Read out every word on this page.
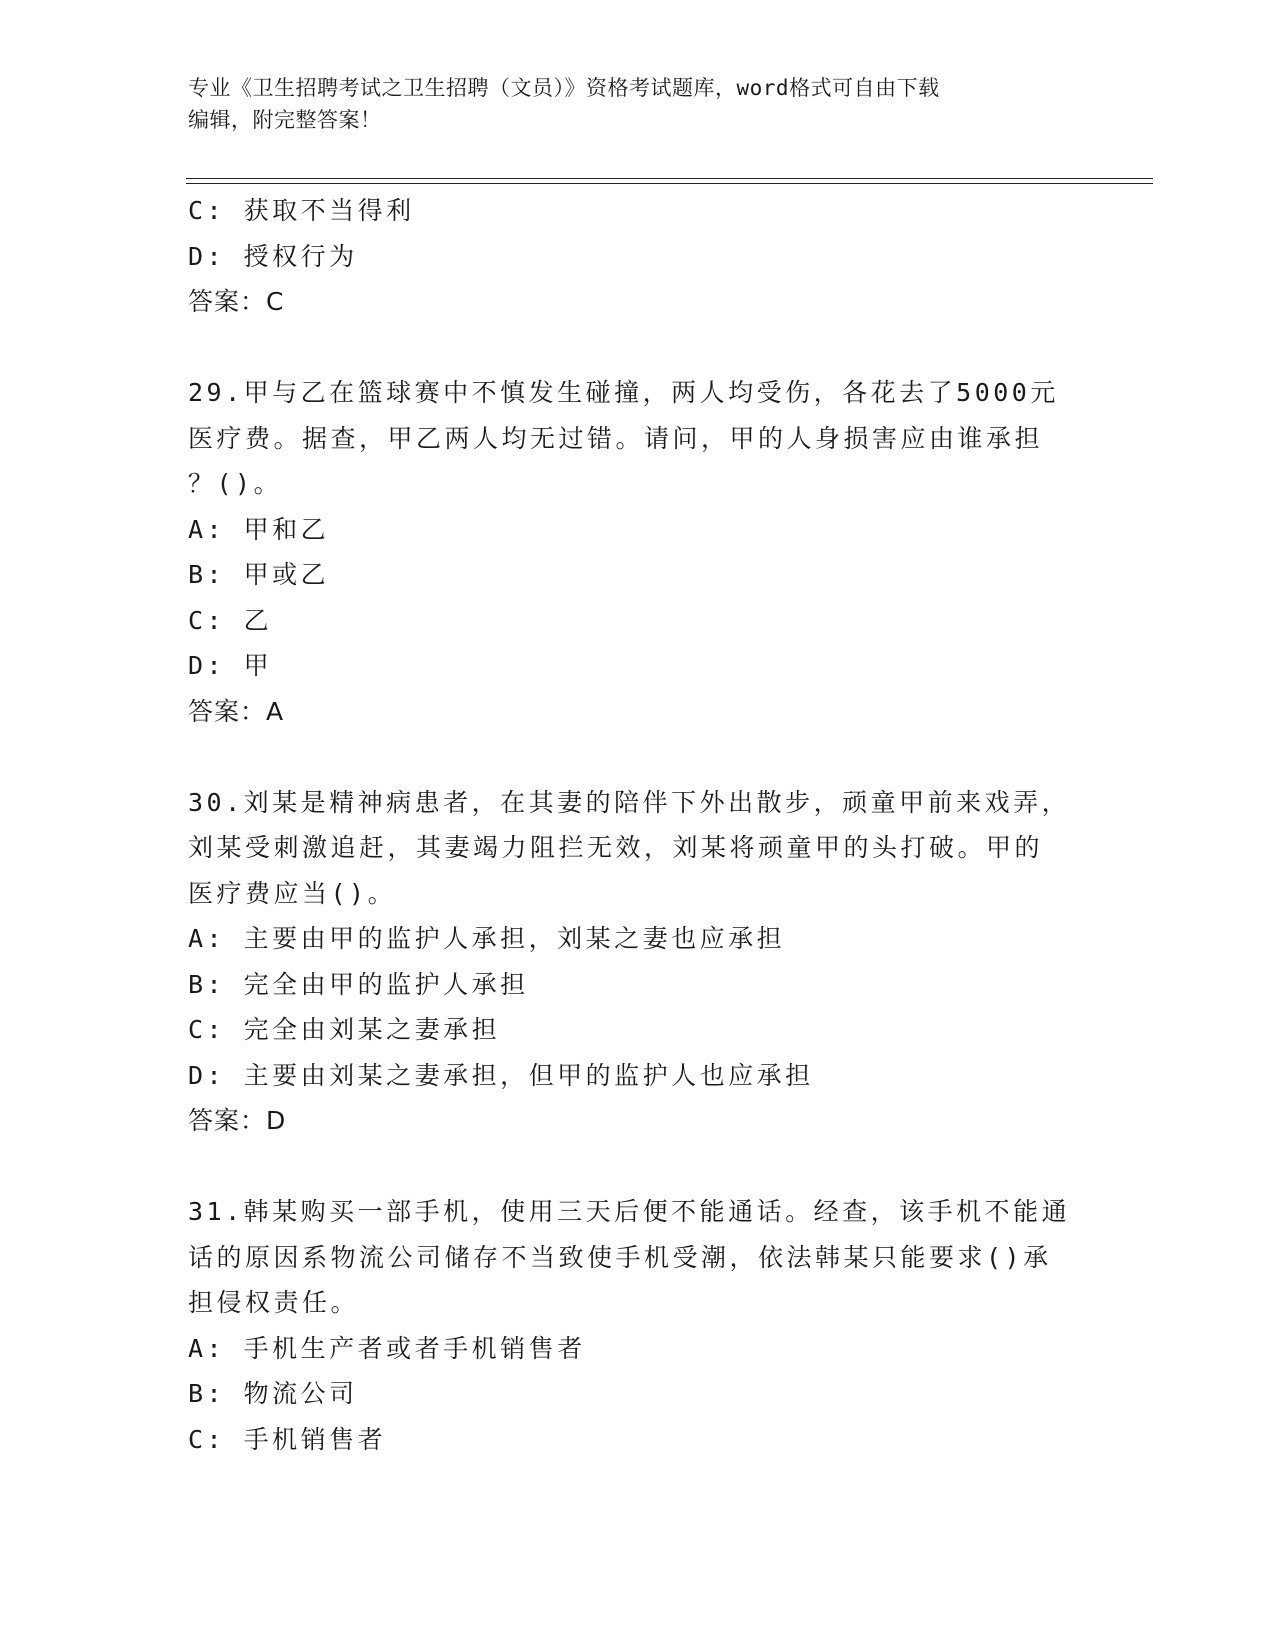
专业《卫生招聘考试之卫生招聘（文员）》资格考试题库，word格式可自由下载
编辑，附完整答案！
C: 获取不当得利
D: 授权行为
答案：C
29.甲与乙在篮球赛中不慎发生碰撞，两人均受伤，各花去了5000元
医疗费。据查，甲乙两人均无过错。请问，甲的人身损害应由谁承担
？()。
A: 甲和乙
B: 甲或乙
C: 乙
D: 甲
答案：A
30.刘某是精神病患者，在其妻的陪伴下外出散步，顽童甲前来戏弄，
刘某受刺激追赶，其妻竭力阻拦无效，刘某将顽童甲的头打破。甲的
医疗费应当()。
A: 主要由甲的监护人承担，刘某之妻也应承担
B: 完全由甲的监护人承担
C: 完全由刘某之妻承担
D: 主要由刘某之妻承担，但甲的监护人也应承担
答案：D
31.韩某购买一部手机，使用三天后便不能通话。经查，该手机不能通
话的原因系物流公司储存不当致使手机受潮，依法韩某只能要求()承
担侵权责任。
A: 手机生产者或者手机销售者
B: 物流公司
C: 手机销售者
